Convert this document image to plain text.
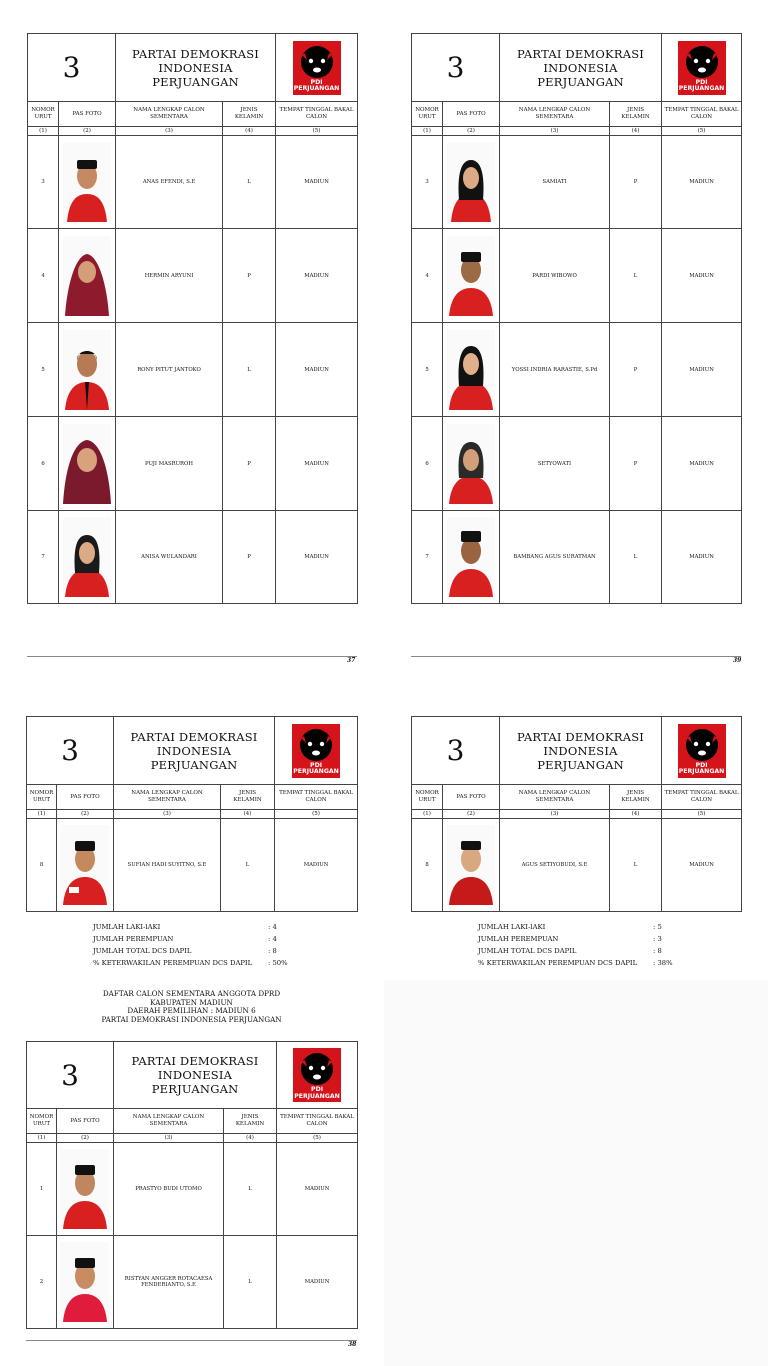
3		PARTAI DEMOKRASI
INDONESIA PERJUANGAN		PDI
PERJUANGAN

NOMOR
URUT	PAS FOTO	NAMA LENGKAP CALON SEMENTARA	JENIS
KELAMIN	TEMPAT TINGGAL BAKAL
CALON
(1)	(2)	(3)	(4)	(5)
3		ANAS EFENDI, S.E	L	MADIUN
4		HERMIN ARYUNI	P	MADIUN
5		RONY PITUT JANTOKO	L	MADIUN
6		PUJI MASRUROH	P	MADIUN
7		ANISA WULANDARI	P	MADIUN
37
3		PARTAI DEMOKRASI
INDONESIA PERJUANGAN		PDI
PERJUANGAN

NOMOR
URUT	PAS FOTO	NAMA LENGKAP CALON SEMENTARA	JENIS
KELAMIN	TEMPAT TINGGAL BAKAL
CALON
(1)	(2)	(3)	(4)	(5)
3		SAMIATI	P	MADIUN
4		PARDI WIBOWO	L	MADIUN
5		YOSSI INDRIA RARASTIE, S.Pd	P	MADIUN
6		SETYOWATI	P	MADIUN
7		BAMBANG AGUS SURATMAN	L	MADIUN
39
3		PARTAI DEMOKRASI
INDONESIA PERJUANGAN		PDI
PERJUANGAN

NOMOR
URUT	PAS FOTO	NAMA LENGKAP CALON SEMENTARA	JENIS
KELAMIN	TEMPAT TINGGAL BAKAL
CALON
(1)	(2)	(3)	(4)	(5)
8		SUFIAN HADI SUYITNO, S.E	L	MADIUN
JUMLAH LAKI-lAKI	: 4
JUMLAH PEREMPUAN	: 4
JUMLAH TOTAL DCS DAPIL	: 8
% KETERWAKILAN PEREMPUAN DCS DAPIL : 50%
3		PARTAI DEMOKRASI
INDONESIA PERJUANGAN		PDI
PERJUANGAN

NOMOR
URUT	PAS FOTO	NAMA LENGKAP CALON SEMENTARA	JENIS
KELAMIN	TEMPAT TINGGAL BAKAL
CALON
(1)	(2)	(3)	(4)	(5)
8		AGUS SETIYOBUDI, S.E	L	MADIUN
JUMLAH LAKI-lAKI	: 5
JUMLAH PEREMPUAN	: 3
JUMLAH TOTAL DCS DAPIL	: 8
% KETERWAKILAN PEREMPUAN DCS DAPIL : 38%
DAFTAR CALON SEMENTARA ANGGOTA DPRD
KABUPATEN MADIUN
DAERAH PEMILIHAN : MADIUN 6
PARTAI DEMOKRASI INDONESIA PERJUANGAN
3		PARTAI DEMOKRASI
INDONESIA PERJUANGAN		PDI
PERJUANGAN

NOMOR
URUT	PAS FOTO	NAMA LENGKAP CALON SEMENTARA	JENIS
KELAMIN	TEMPAT TINGGAL BAKAL
CALON
(1)	(2)	(3)	(4)	(5)
1		PRASTYO BUDI UTOMO	L	MADIUN
2		RISTYAN ANGGER ROTACAESA
FENDERIANTO, S.E	L	MADIUN
38
